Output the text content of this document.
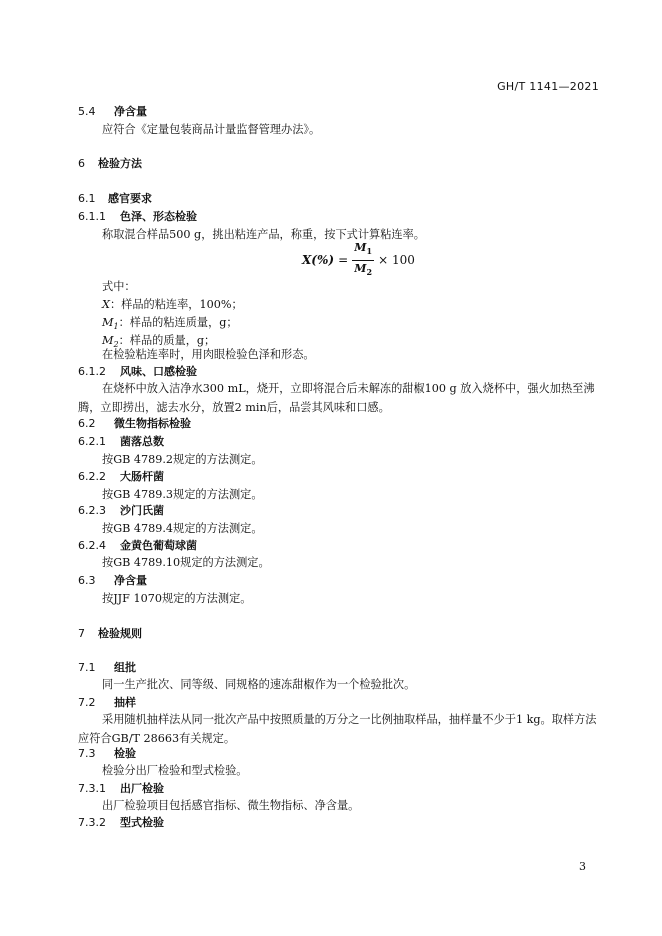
GH/T 1141—2021
5.4 净含量
应符合《定量包装商品计量监督管理办法》。
6 检验方法
6.1 感官要求
6.1.1 色泽、形态检验
称取混合样品500 g，挑出粘连产品，称重，按下式计算粘连率。
$X(\%) = \frac{M_1}{M_2} \times 100$
式中：
X：样品的粘连率，100%；
$M_1$：样品的粘连质量，g；
$M_2$：样品的质量，g；
在检验粘连率时，用肉眼检验色泽和形态。
6.1.2 风味、口感检验
在烧杯中放入洁净水300 mL，烧开，立即将混合后未解冻的甜椒100 g 放入烧杯中，强火加热至沸腾，立即捞出，滤去水分，放置2 min后，品尝其风味和口感。
6.2 微生物指标检验
6.2.1 菌落总数
按GB 4789.2规定的方法测定。
6.2.2 大肠杆菌
按GB 4789.3规定的方法测定。
6.2.3 沙门氏菌
按GB 4789.4规定的方法测定。
6.2.4 金黄色葡萄球菌
按GB 4789.10规定的方法测定。
6.3 净含量
按JJF 1070规定的方法测定。
7 检验规则
7.1 组批
同一生产批次、同等级、同规格的速冻甜椒作为一个检验批次。
7.2 抽样
采用随机抽样法从同一批次产品中按照质量的万分之一比例抽取样品，抽样量不少于1 kg。取样方法应符合GB/T 28663有关规定。
7.3 检验
检验分出厂检验和型式检验。
7.3.1 出厂检验
出厂检验项目包括感官指标、微生物指标、净含量。
7.3.2 型式检验
3
